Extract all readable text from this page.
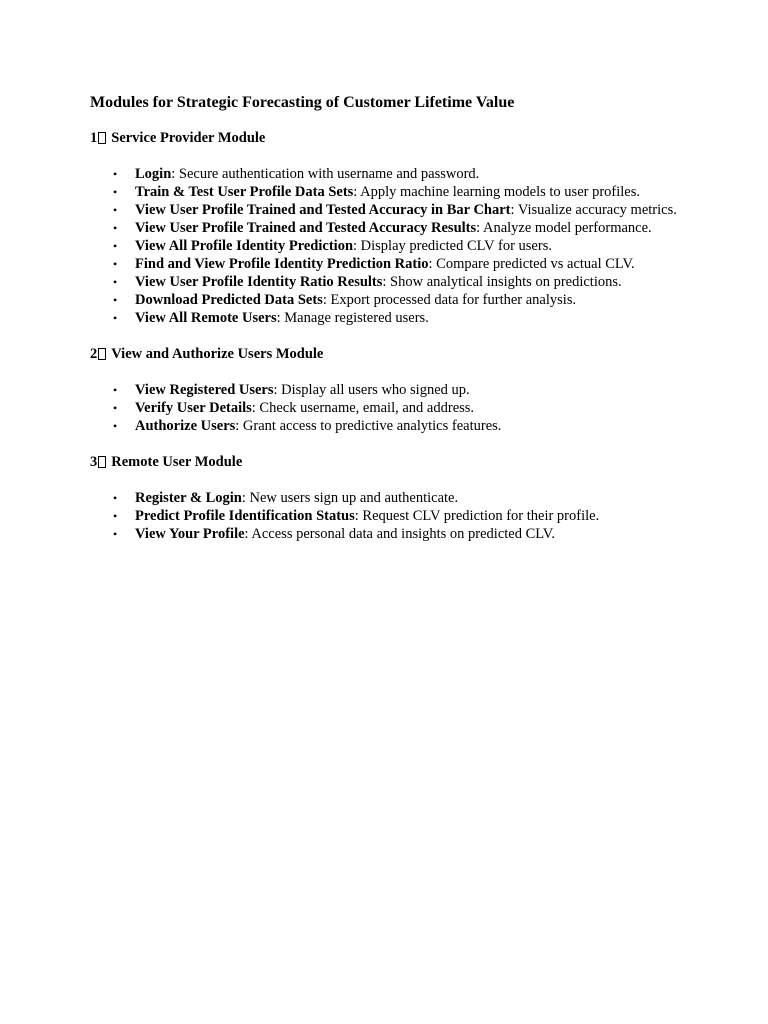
Modules for Strategic Forecasting of Customer Lifetime Value
1 Service Provider Module
• Login: Secure authentication with username and password.
• Train & Test User Profile Data Sets: Apply machine learning models to user profiles.
• View User Profile Trained and Tested Accuracy in Bar Chart: Visualize accuracy metrics.
• View User Profile Trained and Tested Accuracy Results: Analyze model performance.
• View All Profile Identity Prediction: Display predicted CLV for users.
• Find and View Profile Identity Prediction Ratio: Compare predicted vs actual CLV.
• View User Profile Identity Ratio Results: Show analytical insights on predictions.
• Download Predicted Data Sets: Export processed data for further analysis.
• View All Remote Users: Manage registered users.
2 View and Authorize Users Module
• View Registered Users: Display all users who signed up.
• Verify User Details: Check username, email, and address.
• Authorize Users: Grant access to predictive analytics features.
3 Remote User Module
• Register & Login: New users sign up and authenticate.
• Predict Profile Identification Status: Request CLV prediction for their profile.
• View Your Profile: Access personal data and insights on predicted CLV.
